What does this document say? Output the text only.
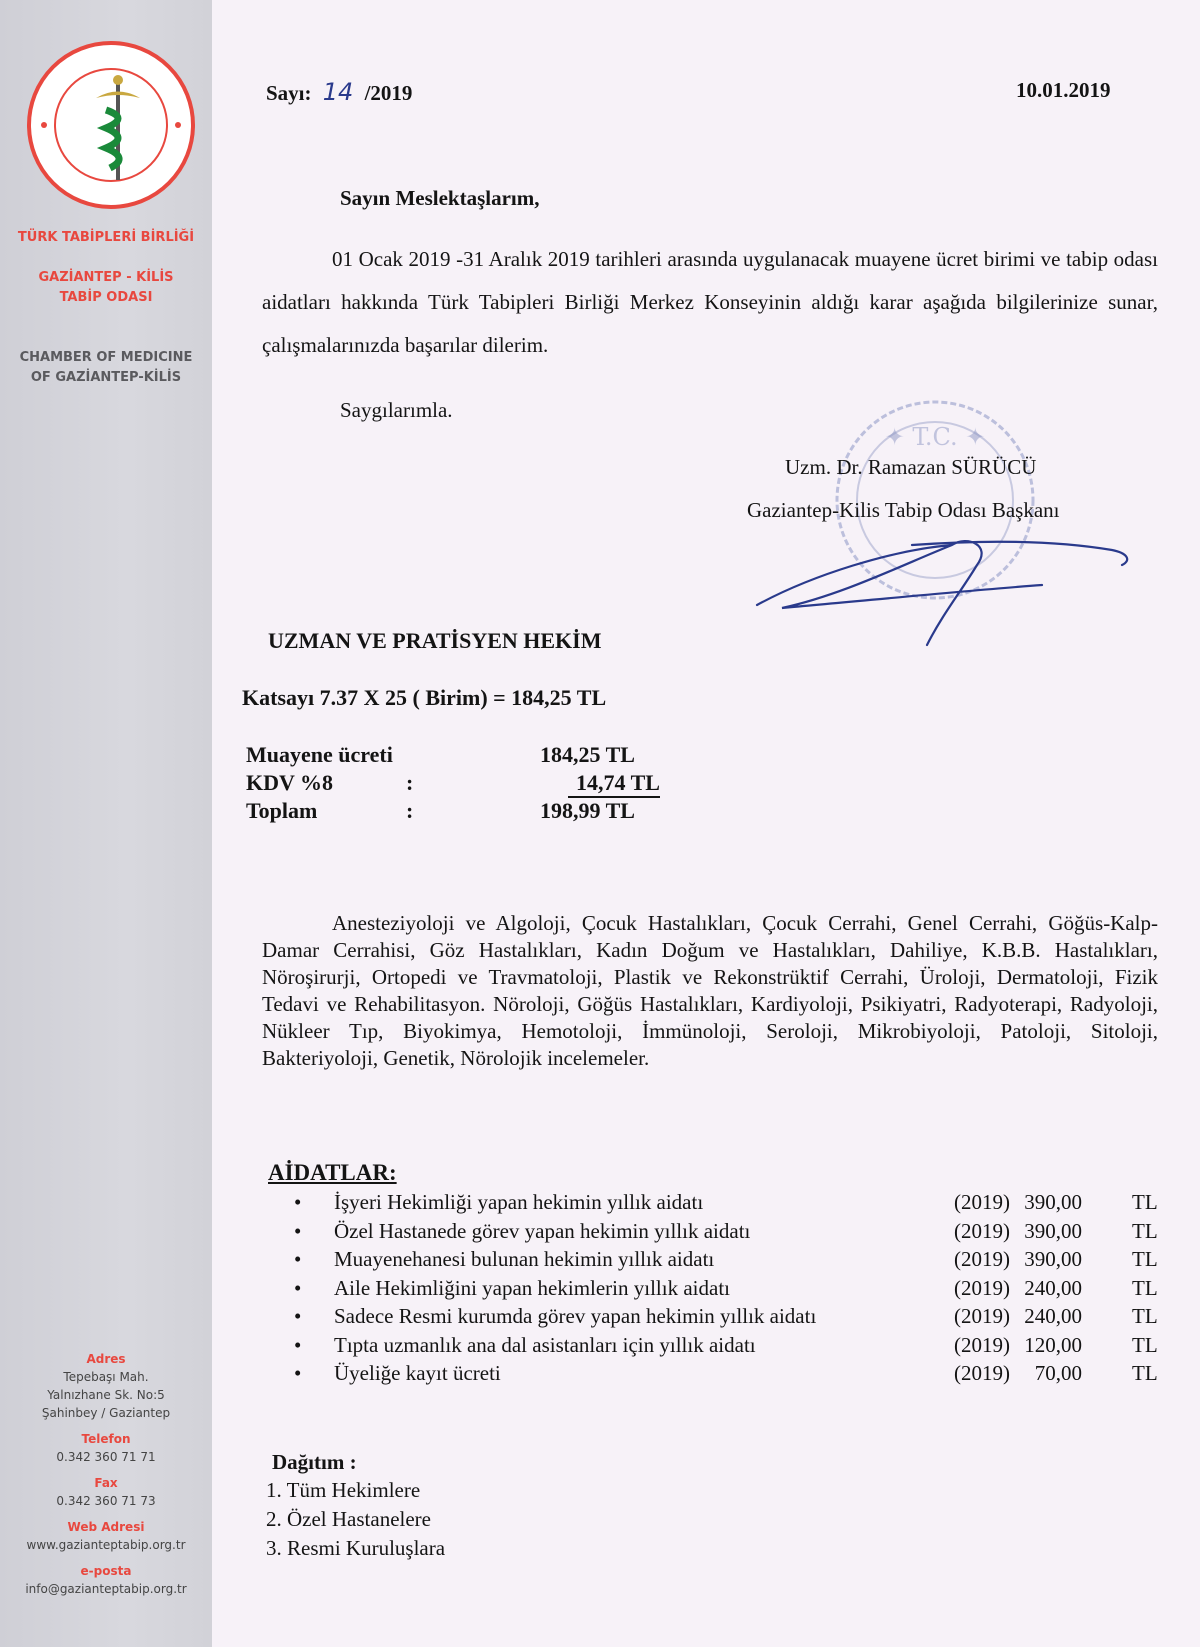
TÜRK TABİPLERİ BİRLİĞİ
GAZİANTEP - KİLİS
TABİP ODASI
CHAMBER OF MEDICINE
OF GAZİANTEP-KİLİS
Adres
Tepebaşı Mah.
Yalnızhane Sk. No:5
Şahinbey / Gaziantep
Telefon
0.342 360 71 71
Fax
0.342 360 71 73
Web Adresi
www.gazianteptabip.org.tr
e-posta
info@gazianteptabip.org.tr
Sayı: 14 /2019	10.01.2019
Sayın Meslektaşlarım,
01 Ocak 2019 -31 Aralık 2019 tarihleri arasında uygulanacak muayene ücret birimi ve tabip odası aidatları hakkında Türk Tabipleri Birliği Merkez Konseyinin aldığı karar aşağıda bilgilerinize sunar, çalışmalarınızda başarılar dilerim.
Saygılarımla.
✦ T.C. ✦
Uzm. Dr. Ramazan SÜRÜCÜ
Gaziantep-Kilis Tabip Odası Başkanı
UZMAN VE PRATİSYEN HEKİM
Katsayı 7.37 X 25 ( Birim) = 184,25 TL
Muayene ücreti	184,25 TL
KDV %8	:	14,74 TL
Toplam	:	198,99 TL
Anesteziyoloji ve Algoloji, Çocuk Hastalıkları, Çocuk Cerrahi, Genel Cerrahi, Göğüs-Kalp-Damar Cerrahisi, Göz Hastalıkları, Kadın Doğum ve Hastalıkları, Dahiliye, K.B.B. Hastalıkları, Nöroşirurji, Ortopedi ve Travmatoloji, Plastik ve Rekonstrüktif Cerrahi, Üroloji, Dermatoloji, Fizik Tedavi ve Rehabilitasyon. Nöroloji, Göğüs Hastalıkları, Kardiyoloji, Psikiyatri, Radyoterapi, Radyoloji, Nükleer Tıp, Biyokimya, Hemotoloji, İmmünoloji, Seroloji, Mikrobiyoloji, Patoloji, Sitoloji, Bakteriyoloji, Genetik, Nörolojik incelemeler.
AİDATLAR:
• İşyeri Hekimliği yapan hekimin yıllık aidatı	(2019) 390,00 TL
• Özel Hastanede görev yapan hekimin yıllık aidatı	(2019) 390,00 TL
• Muayenehanesi bulunan hekimin yıllık aidatı	(2019) 390,00 TL
• Aile Hekimliğini yapan hekimlerin yıllık aidatı	(2019) 240,00 TL
• Sadece Resmi kurumda görev yapan hekimin yıllık aidatı	(2019) 240,00 TL
• Tıpta uzmanlık ana dal asistanları için yıllık aidatı	(2019) 120,00 TL
• Üyeliğe kayıt ücreti	(2019) 70,00 TL
Dağıtım :
1. Tüm Hekimlere
2. Özel Hastanelere
3. Resmi Kuruluşlara
